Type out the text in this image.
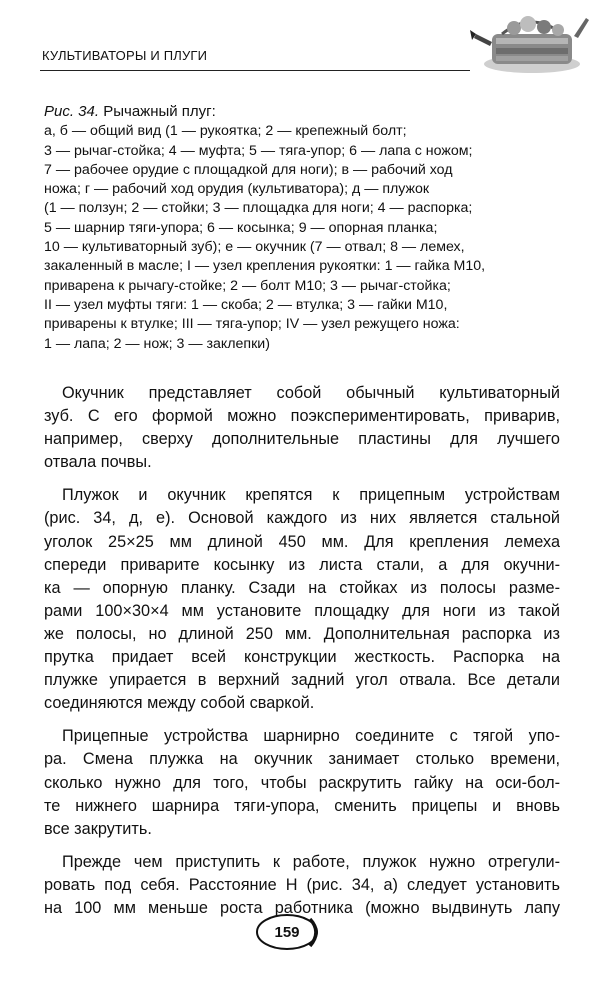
КУЛЬТИВАТОРЫ И ПЛУГИ
Рис. 34. Рычажный плуг:
а, б — общий вид (1 — рукоятка; 2 — крепежный болт;
3 — рычаг-стойка; 4 — муфта; 5 — тяга-упор; 6 — лапа с ножом;
7 — рабочее орудие с площадкой для ноги); в — рабочий ход
ножа; г — рабочий ход орудия (культиватора); д — плужок
(1 — ползун; 2 — стойки; 3 — площадка для ноги; 4 — распорка;
5 — шарнир тяги-упора; 6 — косынка; 9 — опорная планка;
10 — культиваторный зуб); е — окучник (7 — отвал; 8 — лемех,
закаленный в масле; I — узел крепления рукоятки: 1 — гайка М10,
приварена к рычагу-стойке; 2 — болт М10; 3 — рычаг-стойка;
II — узел муфты тяги: 1 — скоба; 2 — втулка; 3 — гайки М10,
приварены к втулке; III — тяга-упор; IV — узел режущего ножа:
1 — лапа; 2 — нож; 3 — заклепки)

Окучник представляет собой обычный культиваторный
зуб. С его формой можно поэкспериментировать, приварив,
например, сверху дополнительные пластины для лучшего
отвала почвы.

Плужок и окучник крепятся к прицепным устройствам
(рис. 34, д, е). Основой каждого из них является стальной
уголок 25×25 мм длиной 450 мм. Для крепления лемеха
спереди приварите косынку из листа стали, а для окучни-
ка — опорную планку. Сзади на стойках из полосы разме-
рами 100×30×4 мм установите площадку для ноги из такой
же полосы, но длиной 250 мм. Дополнительная распорка из
прутка придает всей конструкции жесткость. Распорка на
плужке упирается в верхний задний угол отвала. Все детали
соединяются между собой сваркой.

Прицепные устройства шарнирно соедините с тягой упо-
ра. Смена плужка на окучник занимает столько времени,
сколько нужно для того, чтобы раскрутить гайку на оси-бол-
те нижнего шарнира тяги-упора, сменить прицепы и вновь
все закрутить.

Прежде чем приступить к работе, плужок нужно отрегули-
ровать под себя. Расстояние H (рис. 34, а) следует установить
на 100 мм меньше роста работника (можно выдвинуть лапу

159
